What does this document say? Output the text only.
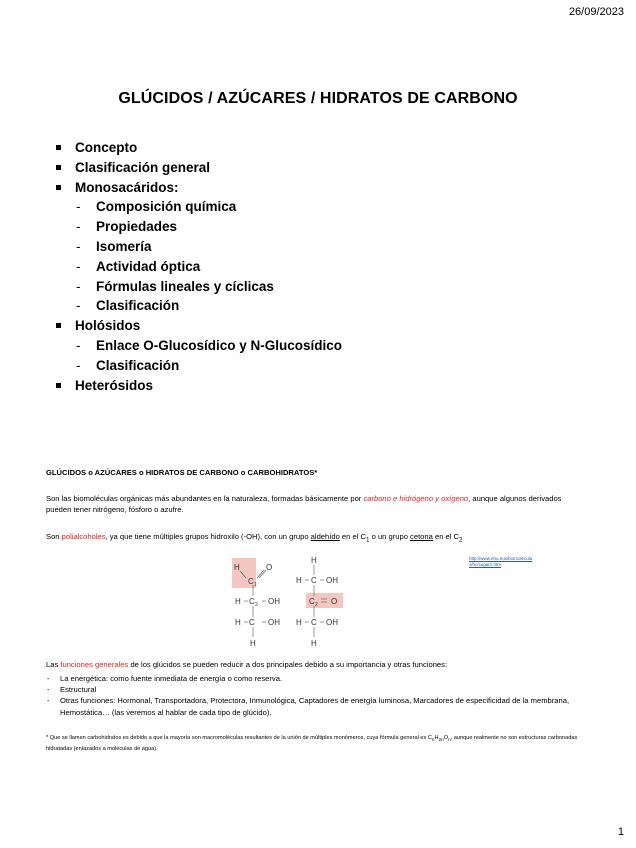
26/09/2023
GLÚCIDOS / AZÚCARES / HIDRATOS DE CARBONO
Concepto
Clasificación general
Monosacáridos:
- Composición química
- Propiedades
- Isomería
- Actividad óptica
- Fórmulas lineales y cíclicas
- Clasificación
Holósidos
- Enlace O-Glucosídico y N-Glucosídico
- Clasificación
Heterósidos
GLÚCIDOS o AZÚCARES o HIDRATOS DE CARBONO o CARBOHIDRATOS*
Son las biomoléculas orgánicas más abundantes en la naturaleza, formadas básicamente por carbono e hidrógeno y oxígeno, aunque algunos derivados pueden tener nitrógeno, fósforo o azufre.
Son polialcoholes, ya que tiene múltiples grupos hidroxilo (-OH), con un grupo aldehído en el $C_1$ o un grupo cetona en el $C_2$
http://www.ehu.eus/biomoleculas/hc/sugar1.htm
H	O
C 1
H C 2 OH
H C OH
H
H
H C OH
C 2 O
H C OH
H
Las funciones generales de los glúcidos se pueden reducir a dos principales debido a su importancia y otras funciones:
- La energética: como fuente inmediata de energía o como reserva.
- Estructural
- Otras funciones: Hormonal, Transportadora, Protectora, Inmunológica, Captadores de energía luminosa, Marcadores de especificidad de la membrana, Hemostática… (las veremos al hablar de cada tipo de glúcido).
* Que se llamen carbohidratos es debido a que la mayoría son macromoléculas resultantes de la unión de múltiples monómeros, cuya fórmula general es $C_nH_{2n}O_n$, aunque realmente no son estructuras carbonadas hidratadas (enlazados a moléculas de agua).
1
